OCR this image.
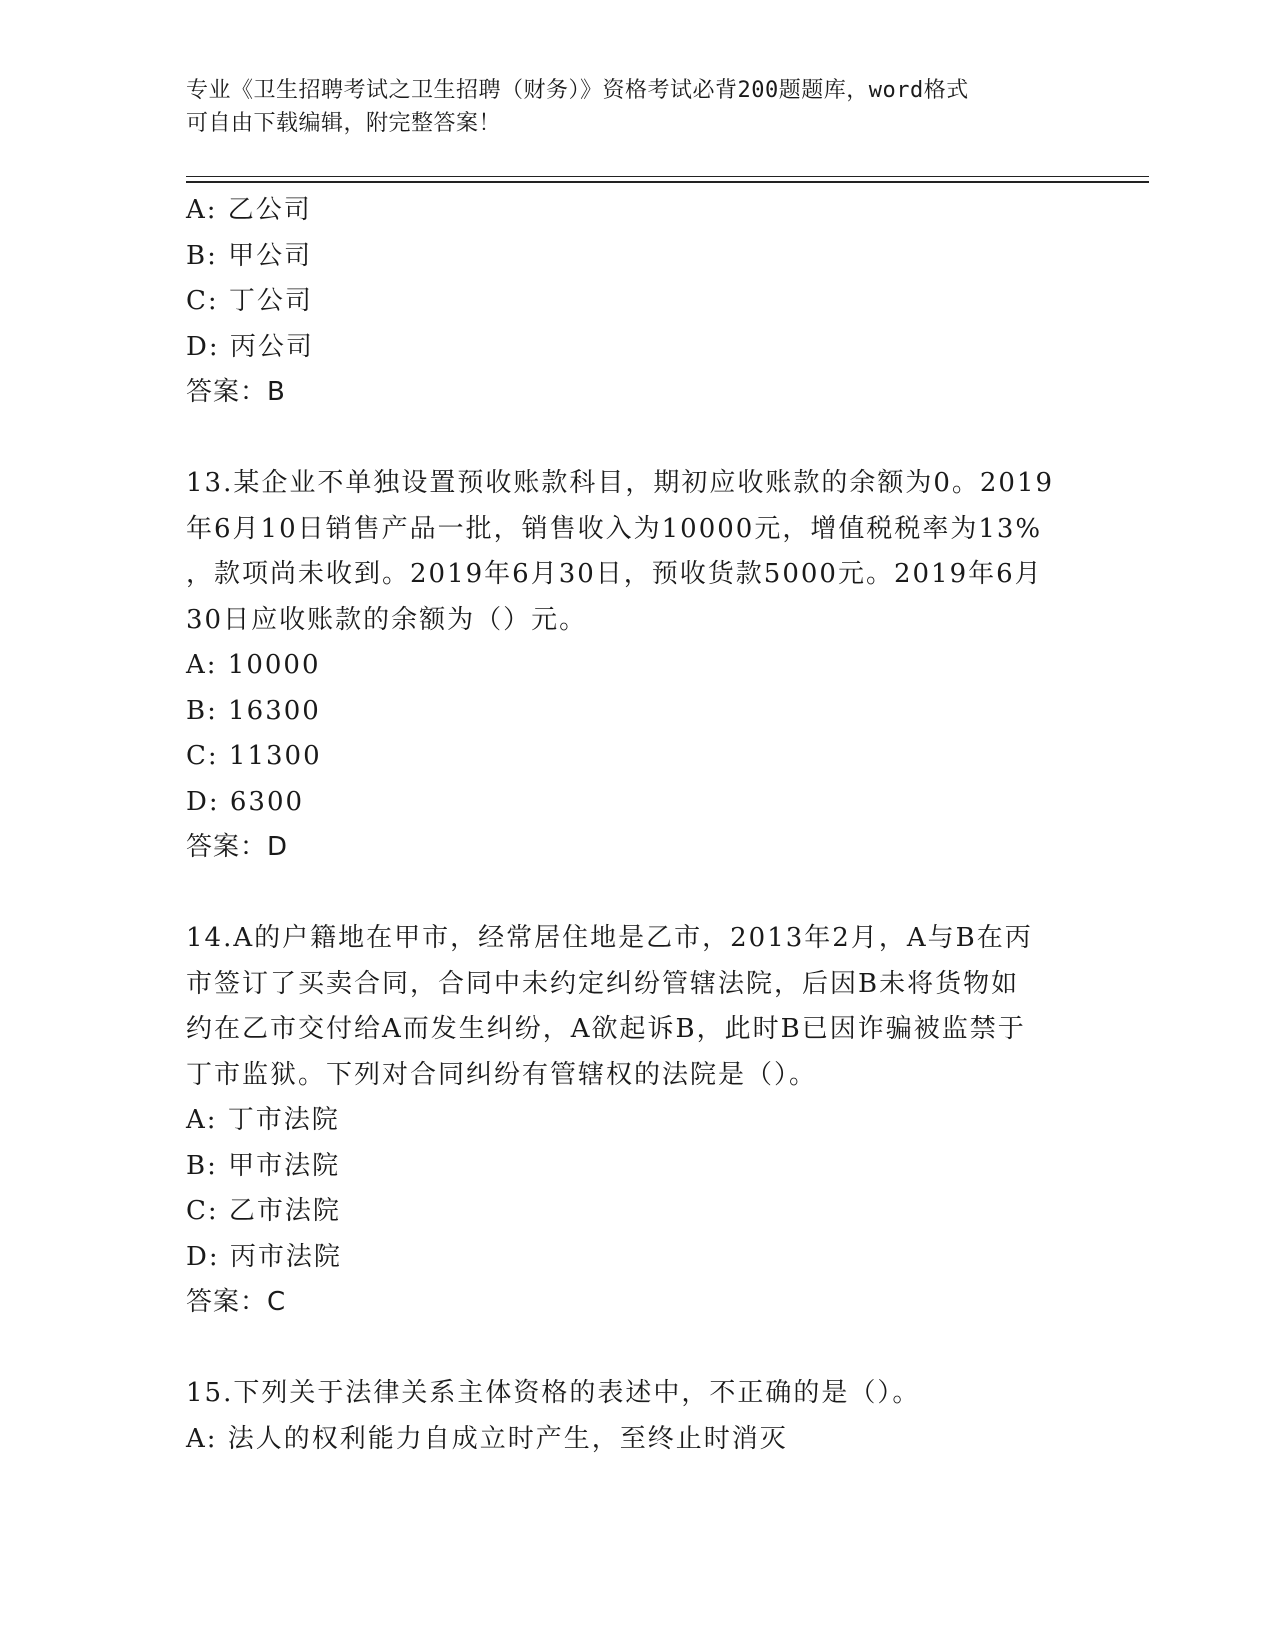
专业《卫生招聘考试之卫生招聘（财务）》资格考试必背200题题库，word格式
可自由下载编辑，附完整答案！
A: 乙公司
B: 甲公司
C: 丁公司
D: 丙公司
答案：B
13.某企业不单独设置预收账款科目，期初应收账款的余额为0。2019
年6月10日销售产品一批，销售收入为10000元，增值税税率为13%
，款项尚未收到。2019年6月30日，预收货款5000元。2019年6月
30日应收账款的余额为（）元。
A: 10000
B: 16300
C: 11300
D: 6300
答案：D
14.A的户籍地在甲市，经常居住地是乙市，2013年2月，A与B在丙
市签订了买卖合同，合同中未约定纠纷管辖法院，后因B未将货物如
约在乙市交付给A而发生纠纷，A欲起诉B，此时B已因诈骗被监禁于
丁市监狱。下列对合同纠纷有管辖权的法院是（）。
A: 丁市法院
B: 甲市法院
C: 乙市法院
D: 丙市法院
答案：C
15.下列关于法律关系主体资格的表述中，不正确的是（）。
A: 法人的权利能力自成立时产生，至终止时消灭
